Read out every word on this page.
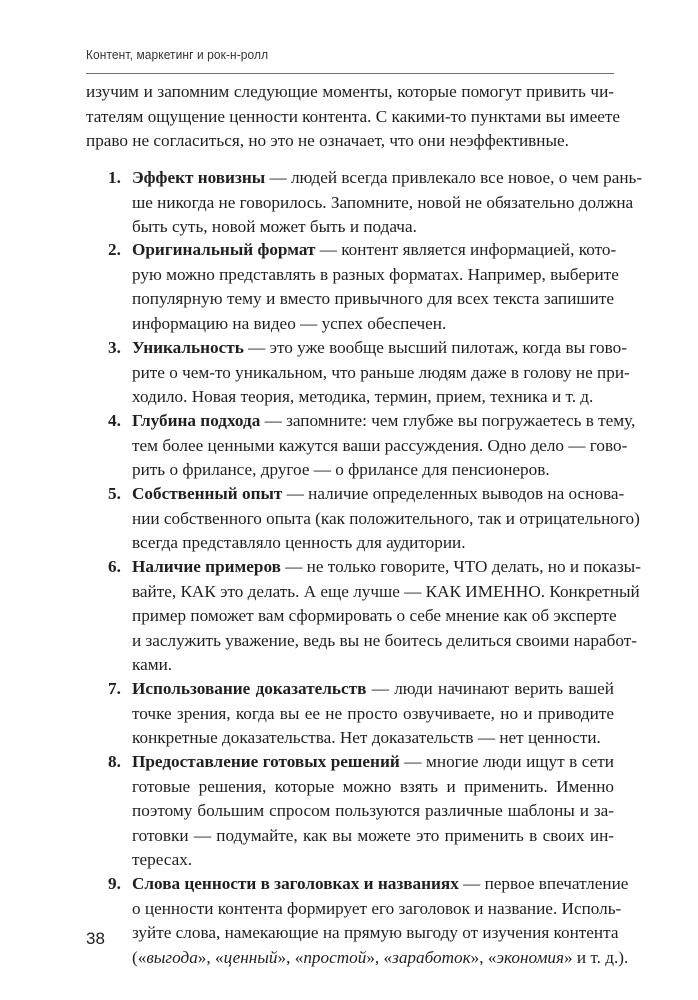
Контент, маркетинг и рок-н-ролл

изучим и запомним следующие моменты, которые помогут привить чи-
тателям ощущение ценности контента. С какими-то пунктами вы имеете
право не согласиться, но это не означает, что они неэффективные.

1. Эффект новизны — людей всегда привлекало все новое, о чем рань-
ше никогда не говорилось. Запомните, новой не обязательно должна
быть суть, новой может быть и подача.
2. Оригинальный формат — контент является информацией, кото-
рую можно представлять в разных форматах. Например, выберите
популярную тему и вместо привычного для всех текста запишите
информацию на видео — успех обеспечен.
3. Уникальность — это уже вообще высший пилотаж, когда вы гово-
рите о чем-то уникальном, что раньше людям даже в голову не при-
ходило. Новая теория, методика, термин, прием, техника и т. д.
4. Глубина подхода — запомните: чем глубже вы погружаетесь в тему,
тем более ценными кажутся ваши рассуждения. Одно дело — гово-
рить о фрилансе, другое — о фрилансе для пенсионеров.
5. Собственный опыт — наличие определенных выводов на основа-
нии собственного опыта (как положительного, так и отрицательного)
всегда представляло ценность для аудитории.
6. Наличие примеров — не только говорите, ЧТО делать, но и показы-
вайте, КАК это делать. А еще лучше — КАК ИМЕННО. Конкретный
пример поможет вам сформировать о себе мнение как об эксперте
и заслужить уважение, ведь вы не боитесь делиться своими наработ-
ками.
7. Использование доказательств — люди начинают верить вашей
точке зрения, когда вы ее не просто озвучиваете, но и приводите
конкретные доказательства. Нет доказательств — нет ценности.
8. Предоставление готовых решений — многие люди ищут в сети
готовые решения, которые можно взять и применить. Именно
поэтому большим спросом пользуются различные шаблоны и за-
готовки — подумайте, как вы можете это применить в своих ин-
тересах.
9. Слова ценности в заголовках и названиях — первое впечатление
о ценности контента формирует его заголовок и название. Исполь-
зуйте слова, намекающие на прямую выгоду от изучения контента
(«выгода», «ценный», «простой», «заработок», «экономия» и т. д.).
38
